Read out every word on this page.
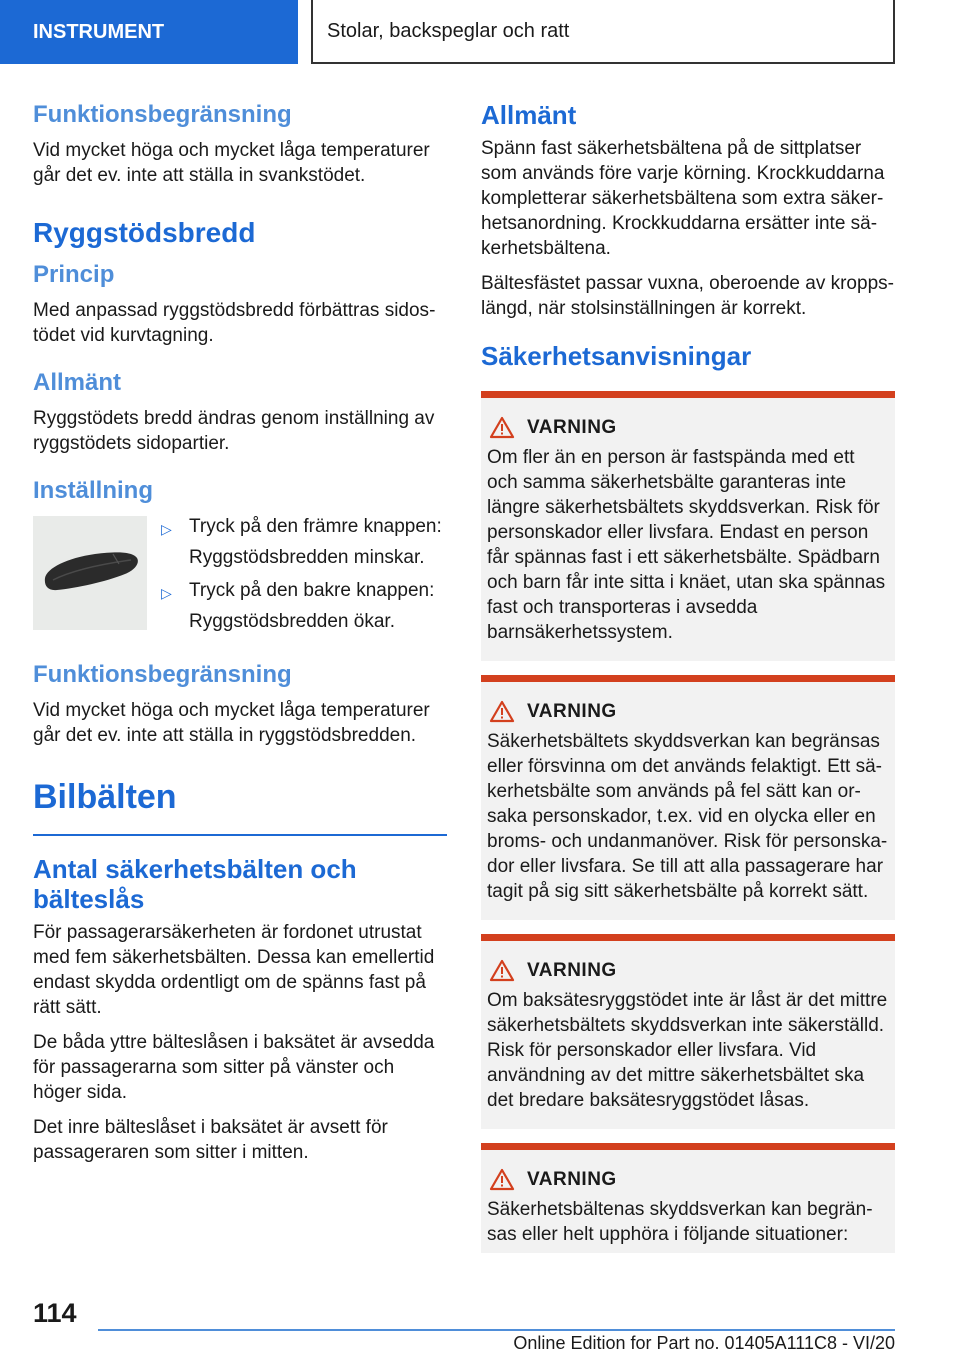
INSTRUMENT	Stolar, backspeglar och ratt
Funktionsbegränsning

Vid mycket höga och mycket låga temperaturer går det ev. inte att ställa in svankstödet.

Ryggstödsbredd
Princip

Med anpassad ryggstödsbredd förbättras sidostödet vid kurvtagning.

Allmänt

Ryggstödets bredd ändras genom inställning av ryggstödets sidopartier.

Inställning
▷ Tryck på den främre knappen:
Ryggstödsbredden minskar.
▷ Tryck på den bakre knappen:
Ryggstödsbredden ökar.
Funktionsbegränsning

Vid mycket höga och mycket låga temperaturer går det ev. inte att ställa in ryggstödsbredden.

Bilbälten
Antal säkerhetsbälten och bälteslås

För passagerarsäkerheten är fordonet utrustat med fem säkerhetsbälten. Dessa kan emellertid endast skydda ordentligt om de spänns fast på rätt sätt.

De båda yttre bälteslåsen i baksätet är avsedda för passagerarna som sitter på vänster och höger sida.

Det inre bälteslåset i baksätet är avsett för passageraren som sitter i mitten.

Allmänt

Spänn fast säkerhetsbältena på de sittplatser som används före varje körning. Krockkuddarna kompletterar säkerhetsbältena som extra säkerhetsanordning. Krockkuddarna ersätter inte säkerhetsbältena.

Bältesfästet passar vuxna, oberoende av kroppslängd, när stolsinställningen är korrekt.

Säkerhetsanvisningar
VARNING
Om fler än en person är fastspända med ett och samma säkerhetsbälte garanteras inte längre säkerhetsbältets skyddsverkan. Risk för personskador eller livsfara. Endast en person får spännas fast i ett säkerhetsbälte. Spädbarn och barn får inte sitta i knäet, utan ska spännas fast och transporteras i avsedda barnsäkerhetssystem.
VARNING
Säkerhetsbältets skyddsverkan kan begränsas eller försvinna om det används felaktigt. Ett säkerhetsbälte som används på fel sätt kan orsaka personskador, t.ex. vid en olycka eller en broms- och undanmanöver. Risk för personskador eller livsfara. Se till att alla passagerare har tagit på sig sitt säkerhetsbälte på korrekt sätt.
VARNING
Om baksätesryggstödet inte är låst är det mittre säkerhetsbältets skyddsverkan inte säkerställd. Risk för personskador eller livsfara. Vid användning av det mittre säkerhetsbältet ska det bredare baksätesryggstödet låsas.
VARNING
Säkerhetsbältenas skyddsverkan kan begränsas eller helt upphöra i följande situationer:
114
Online Edition for Part no. 01405A111C8 - VI/20
